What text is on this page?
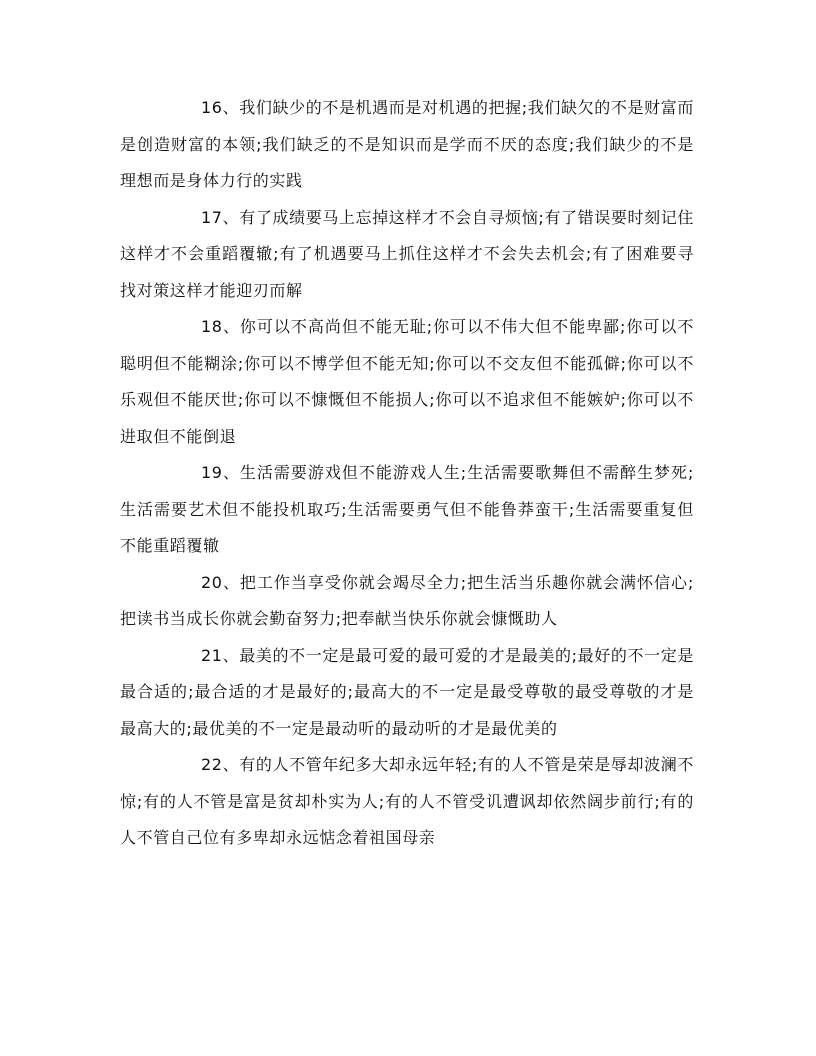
16、我们缺少的不是机遇而是对机遇的把握;我们缺欠的不是财富而是创造财富的本领;我们缺乏的不是知识而是学而不厌的态度;我们缺少的不是理想而是身体力行的实践

17、有了成绩要马上忘掉这样才不会自寻烦恼;有了错误要时刻记住这样才不会重蹈覆辙;有了机遇要马上抓住这样才不会失去机会;有了困难要寻找对策这样才能迎刃而解

18、你可以不高尚但不能无耻;你可以不伟大但不能卑鄙;你可以不聪明但不能糊涂;你可以不博学但不能无知;你可以不交友但不能孤僻;你可以不乐观但不能厌世;你可以不慷慨但不能损人;你可以不追求但不能嫉妒;你可以不进取但不能倒退

19、生活需要游戏但不能游戏人生;生活需要歌舞但不需醉生梦死;生活需要艺术但不能投机取巧;生活需要勇气但不能鲁莽蛮干;生活需要重复但不能重蹈覆辙

20、把工作当享受你就会竭尽全力;把生活当乐趣你就会满怀信心;把读书当成长你就会勤奋努力;把奉献当快乐你就会慷慨助人

21、最美的不一定是最可爱的最可爱的才是最美的;最好的不一定是最合适的;最合适的才是最好的;最高大的不一定是最受尊敬的最受尊敬的才是最高大的;最优美的不一定是最动听的最动听的才是最优美的

22、有的人不管年纪多大却永远年轻;有的人不管是荣是辱却波澜不惊;有的人不管是富是贫却朴实为人;有的人不管受讥遭讽却依然阔步前行;有的人不管自己位有多卑却永远惦念着祖国母亲
